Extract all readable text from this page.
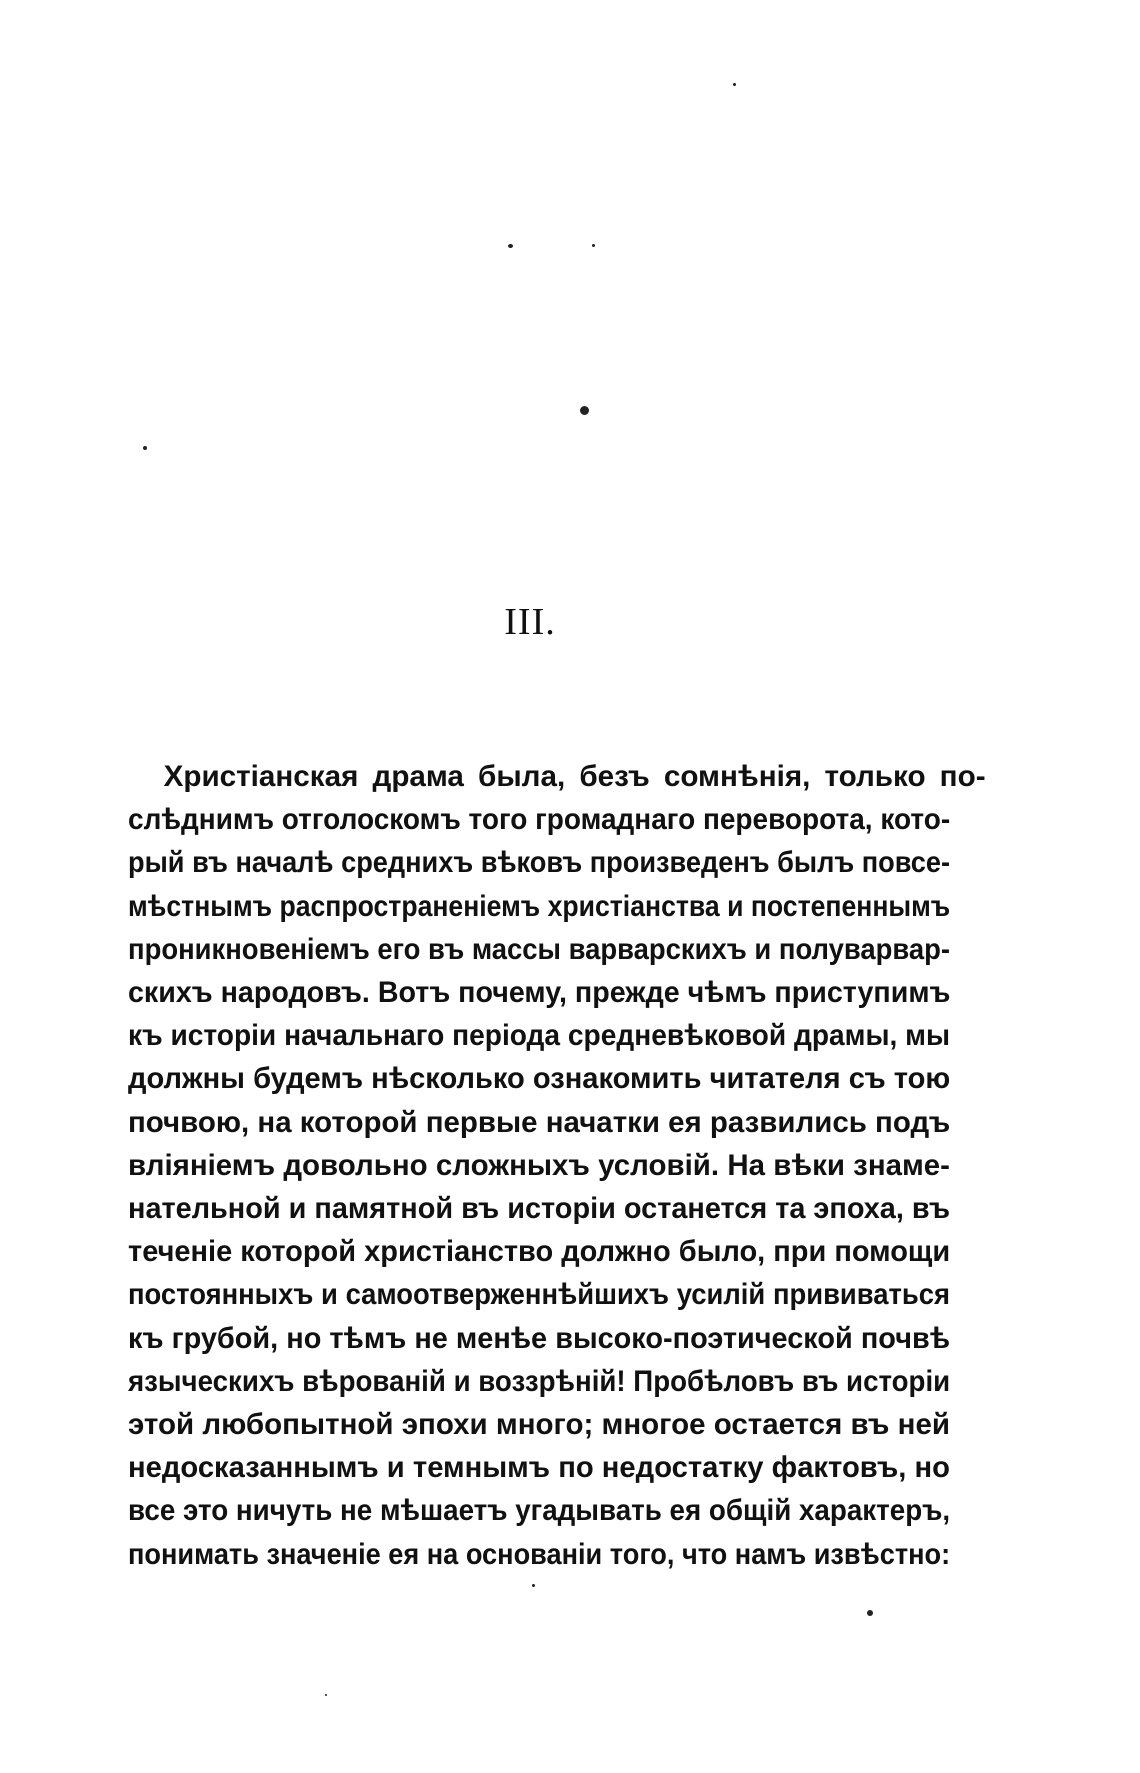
III.
Христіанская драма была, безъ сомнѣнія, только по-
слѣднимъ отголоскомъ того громаднаго переворота, кото-
рый въ началѣ среднихъ вѣковъ произведенъ былъ повсе-
мѣстнымъ распространеніемъ христіанства и постепеннымъ
проникновеніемъ его въ массы варварскихъ и полуварвар-
скихъ народовъ. Вотъ почему, прежде чѣмъ приступимъ
къ исторіи начальнаго періода средневѣковой драмы, мы
должны будемъ нѣсколько ознакомить читателя съ тою
почвою, на которой первые начатки ея развились подъ
вліяніемъ довольно сложныхъ условій. На вѣки знаме-
нательной и памятной въ исторіи останется та эпоха, въ
теченіе которой христіанство должно было, при помощи
постоянныхъ и самоотверженнѣйшихъ усилій прививаться
къ грубой, но тѣмъ не менѣе высоко-поэтической почвѣ
языческихъ вѣрованій и воззрѣній! Пробѣловъ въ исторіи
этой любопытной эпохи много; многое остается въ ней
недосказаннымъ и темнымъ по недостатку фактовъ, но
все это ничуть не мѣшаетъ угадывать ея общій характеръ,
понимать значеніе ея на основаніи того, что намъ извѣстно:
